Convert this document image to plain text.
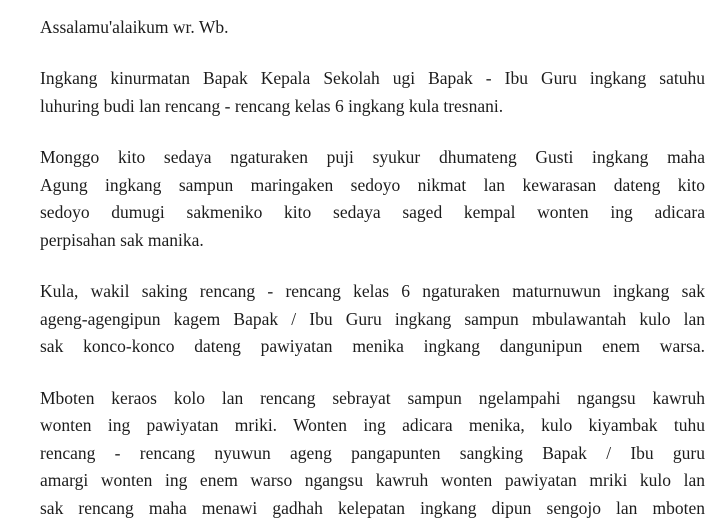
Assalamu'alaikum wr. Wb.
Ingkang kinurmatan Bapak Kepala Sekolah ugi Bapak - Ibu Guru ingkang satuhu
luhuring budi lan rencang - rencang kelas 6 ingkang kula tresnani.
Monggo kito sedaya ngaturaken puji syukur dhumateng Gusti ingkang maha
Agung ingkang sampun maringaken sedoyo nikmat lan kewarasan dateng kito
sedoyo dumugi sakmeniko kito sedaya saged kempal wonten ing adicara
perpisahan sak manika.
Kula, wakil saking rencang - rencang kelas 6 ngaturaken maturnuwun ingkang sak
ageng-agengipun kagem Bapak / Ibu Guru ingkang sampun mbulawantah kulo lan
sak konco-konco dateng pawiyatan menika ingkang dangunipun enem warsa.
Mboten keraos kolo lan rencang sebrayat sampun ngelampahi ngangsu kawruh
wonten ing pawiyatan mriki. Wonten ing adicara menika, kulo kiyambak tuhu
rencang - rencang nyuwun ageng pangapunten sangking Bapak / Ibu guru
amargi wonten ing enem warso ngangsu kawruh wonten pawiyatan mriki kulo lan
sak rencang maha menawi gadhah kelepatan ingkang dipun sengojo lan mboten
